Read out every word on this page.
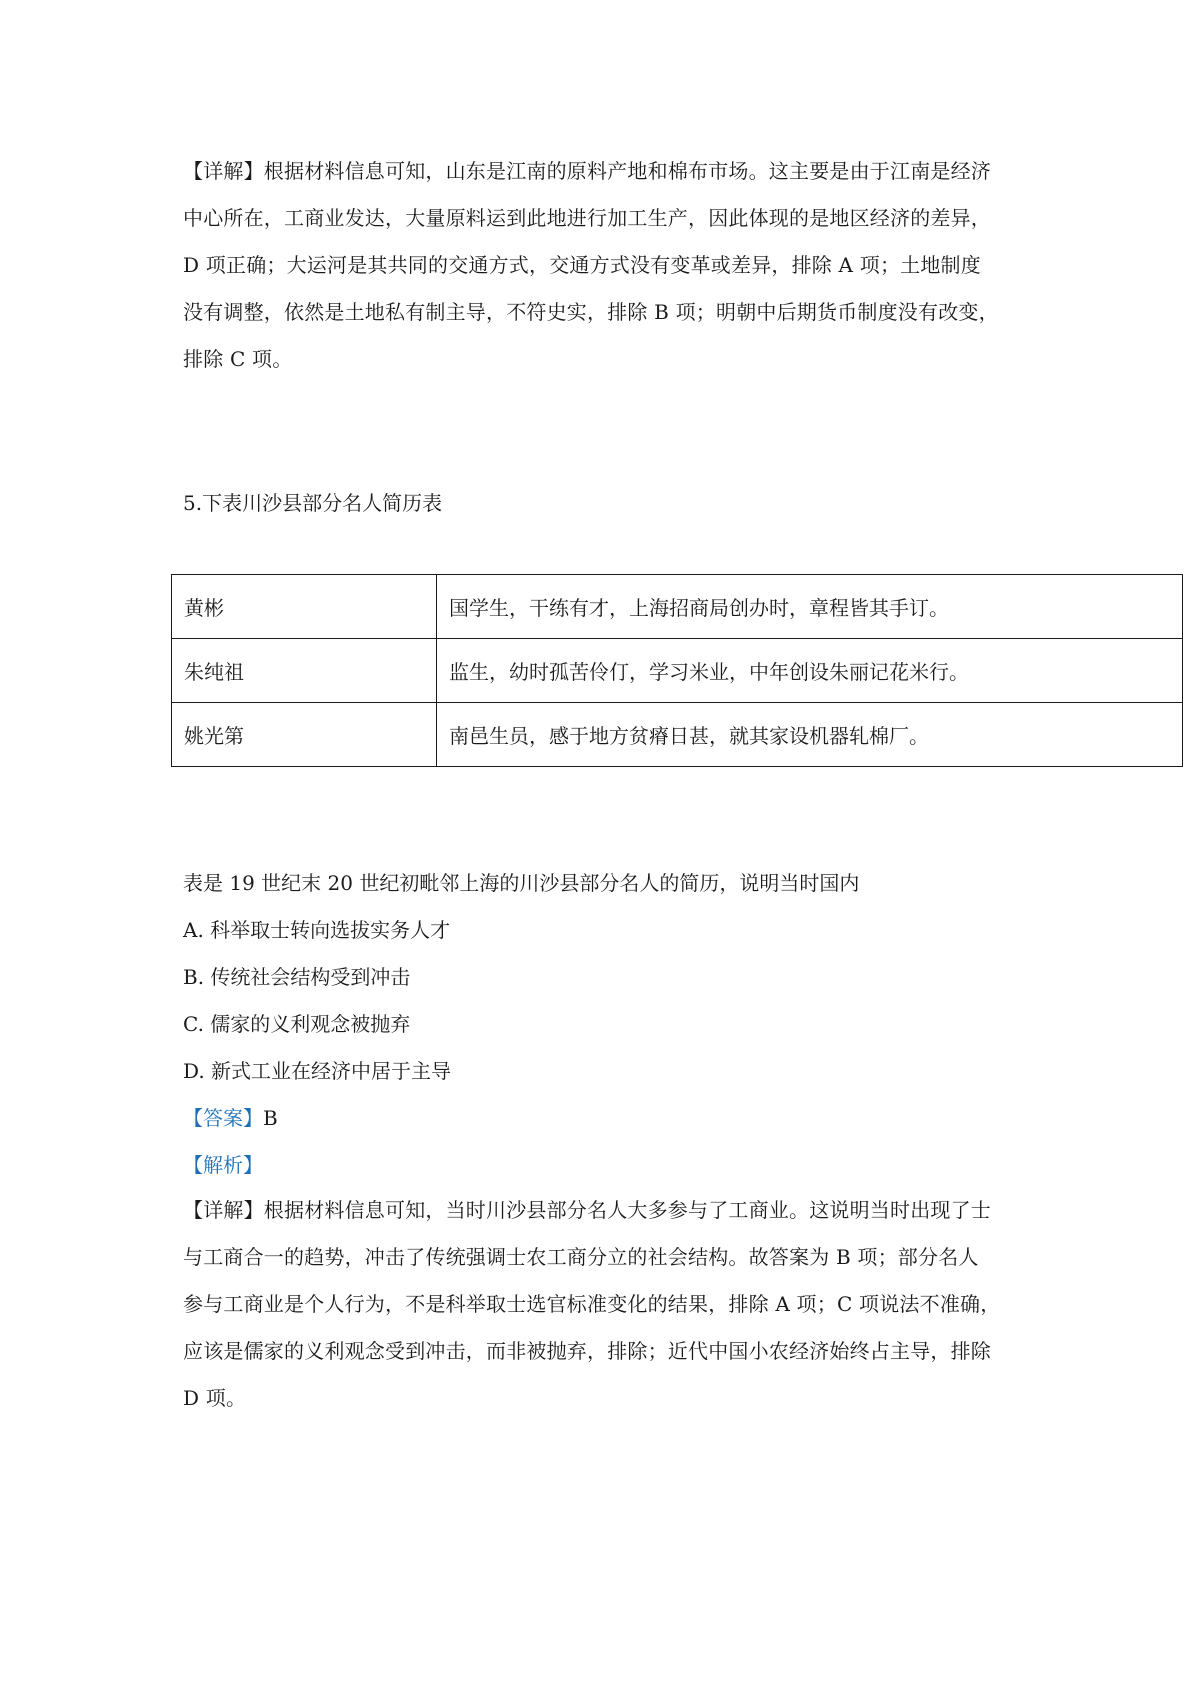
【详解】根据材料信息可知，山东是江南的原料产地和棉布市场。这主要是由于江南是经济
中心所在，工商业发达，大量原料运到此地进行加工生产，因此体现的是地区经济的差异，
D 项正确；大运河是其共同的交通方式，交通方式没有变革或差异，排除 A 项；土地制度
没有调整，依然是土地私有制主导，不符史实，排除 B 项；明朝中后期货币制度没有改变，
排除 C 项。
5.下表川沙县部分名人简历表
黄彬	国学生，干练有才，上海招商局创办时，章程皆其手订。
朱纯祖	监生，幼时孤苦伶仃，学习米业，中年创设朱丽记花米行。
姚光第	南邑生员，感于地方贫瘠日甚，就其家设机器轧棉厂。
表是 19 世纪末 20 世纪初毗邻上海的川沙县部分名人的简历，说明当时国内
A. 科举取士转向选拔实务人才
B. 传统社会结构受到冲击
C. 儒家的义利观念被抛弃
D. 新式工业在经济中居于主导
【答案】B
【解析】
【详解】根据材料信息可知，当时川沙县部分名人大多参与了工商业。这说明当时出现了士
与工商合一的趋势，冲击了传统强调士农工商分立的社会结构。故答案为 B 项；部分名人
参与工商业是个人行为，不是科举取士选官标准变化的结果，排除 A 项；C 项说法不准确，
应该是儒家的义利观念受到冲击，而非被抛弃，排除；近代中国小农经济始终占主导，排除
D 项。
